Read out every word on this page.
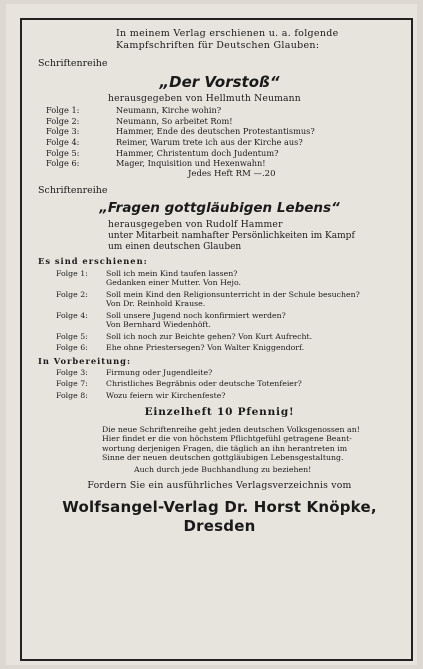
In meinem Verlag erschienen u. a. folgende

Kampfschriften für Deutschen Glauben:

Schriftenreihe

„Der Vorstoß“

herausgegeben von Hellmuth Neumann

Folge 1:	Neumann, Kirche wohin?
Folge 2:	Neumann, So arbeitet Rom!
Folge 3:	Hammer, Ende des deutschen Protestantismus?
Folge 4:	Reimer, Warum trete ich aus der Kirche aus?
Folge 5:	Hammer, Christentum doch Judentum?
Folge 6:	Mager, Inquisition und Hexenwahn!

Jedes Heft RM —.20

Schriftenreihe

„Fragen gottgläubigen Lebens“

herausgegeben von Rudolf Hammer

unter Mitarbeit namhafter Persönlichkeiten im Kampf

um einen deutschen Glauben

Es sind erschienen:

Folge 1:	Soll ich mein Kind taufen lassen?
Gedanken einer Mutter. Von Hejo.
Folge 2:	Soll mein Kind den Religionsunterricht in der Schule besuchen?
Von Dr. Reinhold Krause.
Folge 4:	Soll unsere Jugend noch konfirmiert werden?
Von Bernhard Wiedenhöft.
Folge 5:	Soll ich noch zur Beichte gehen? Von Kurt Aufrecht.
Folge 6:	Ehe ohne Priestersegen? Von Walter Kniggendorf.

In Vorbereitung:

Folge 3:	Firmung oder Jugendleite?
Folge 7:	Christliches Begräbnis oder deutsche Totenfeier?
Folge 8:	Wozu feiern wir Kirchenfeste?

Einzelheft 10 Pfennig!

Die neue Schriftenreihe geht jeden deutschen Volksgenossen an!

Hier findet er die von höchstem Pflichtgefühl getragene Beant-

wortung derjenigen Fragen, die täglich an ihn herantreten im

Sinne der neuen deutschen gottgläubigen Lebensgestaltung.

Auch durch jede Buchhandlung zu beziehen!

Fordern Sie ein ausführliches Verlagsverzeichnis vom

Wolfsangel-Verlag Dr. Horst Knöpke, Dresden
